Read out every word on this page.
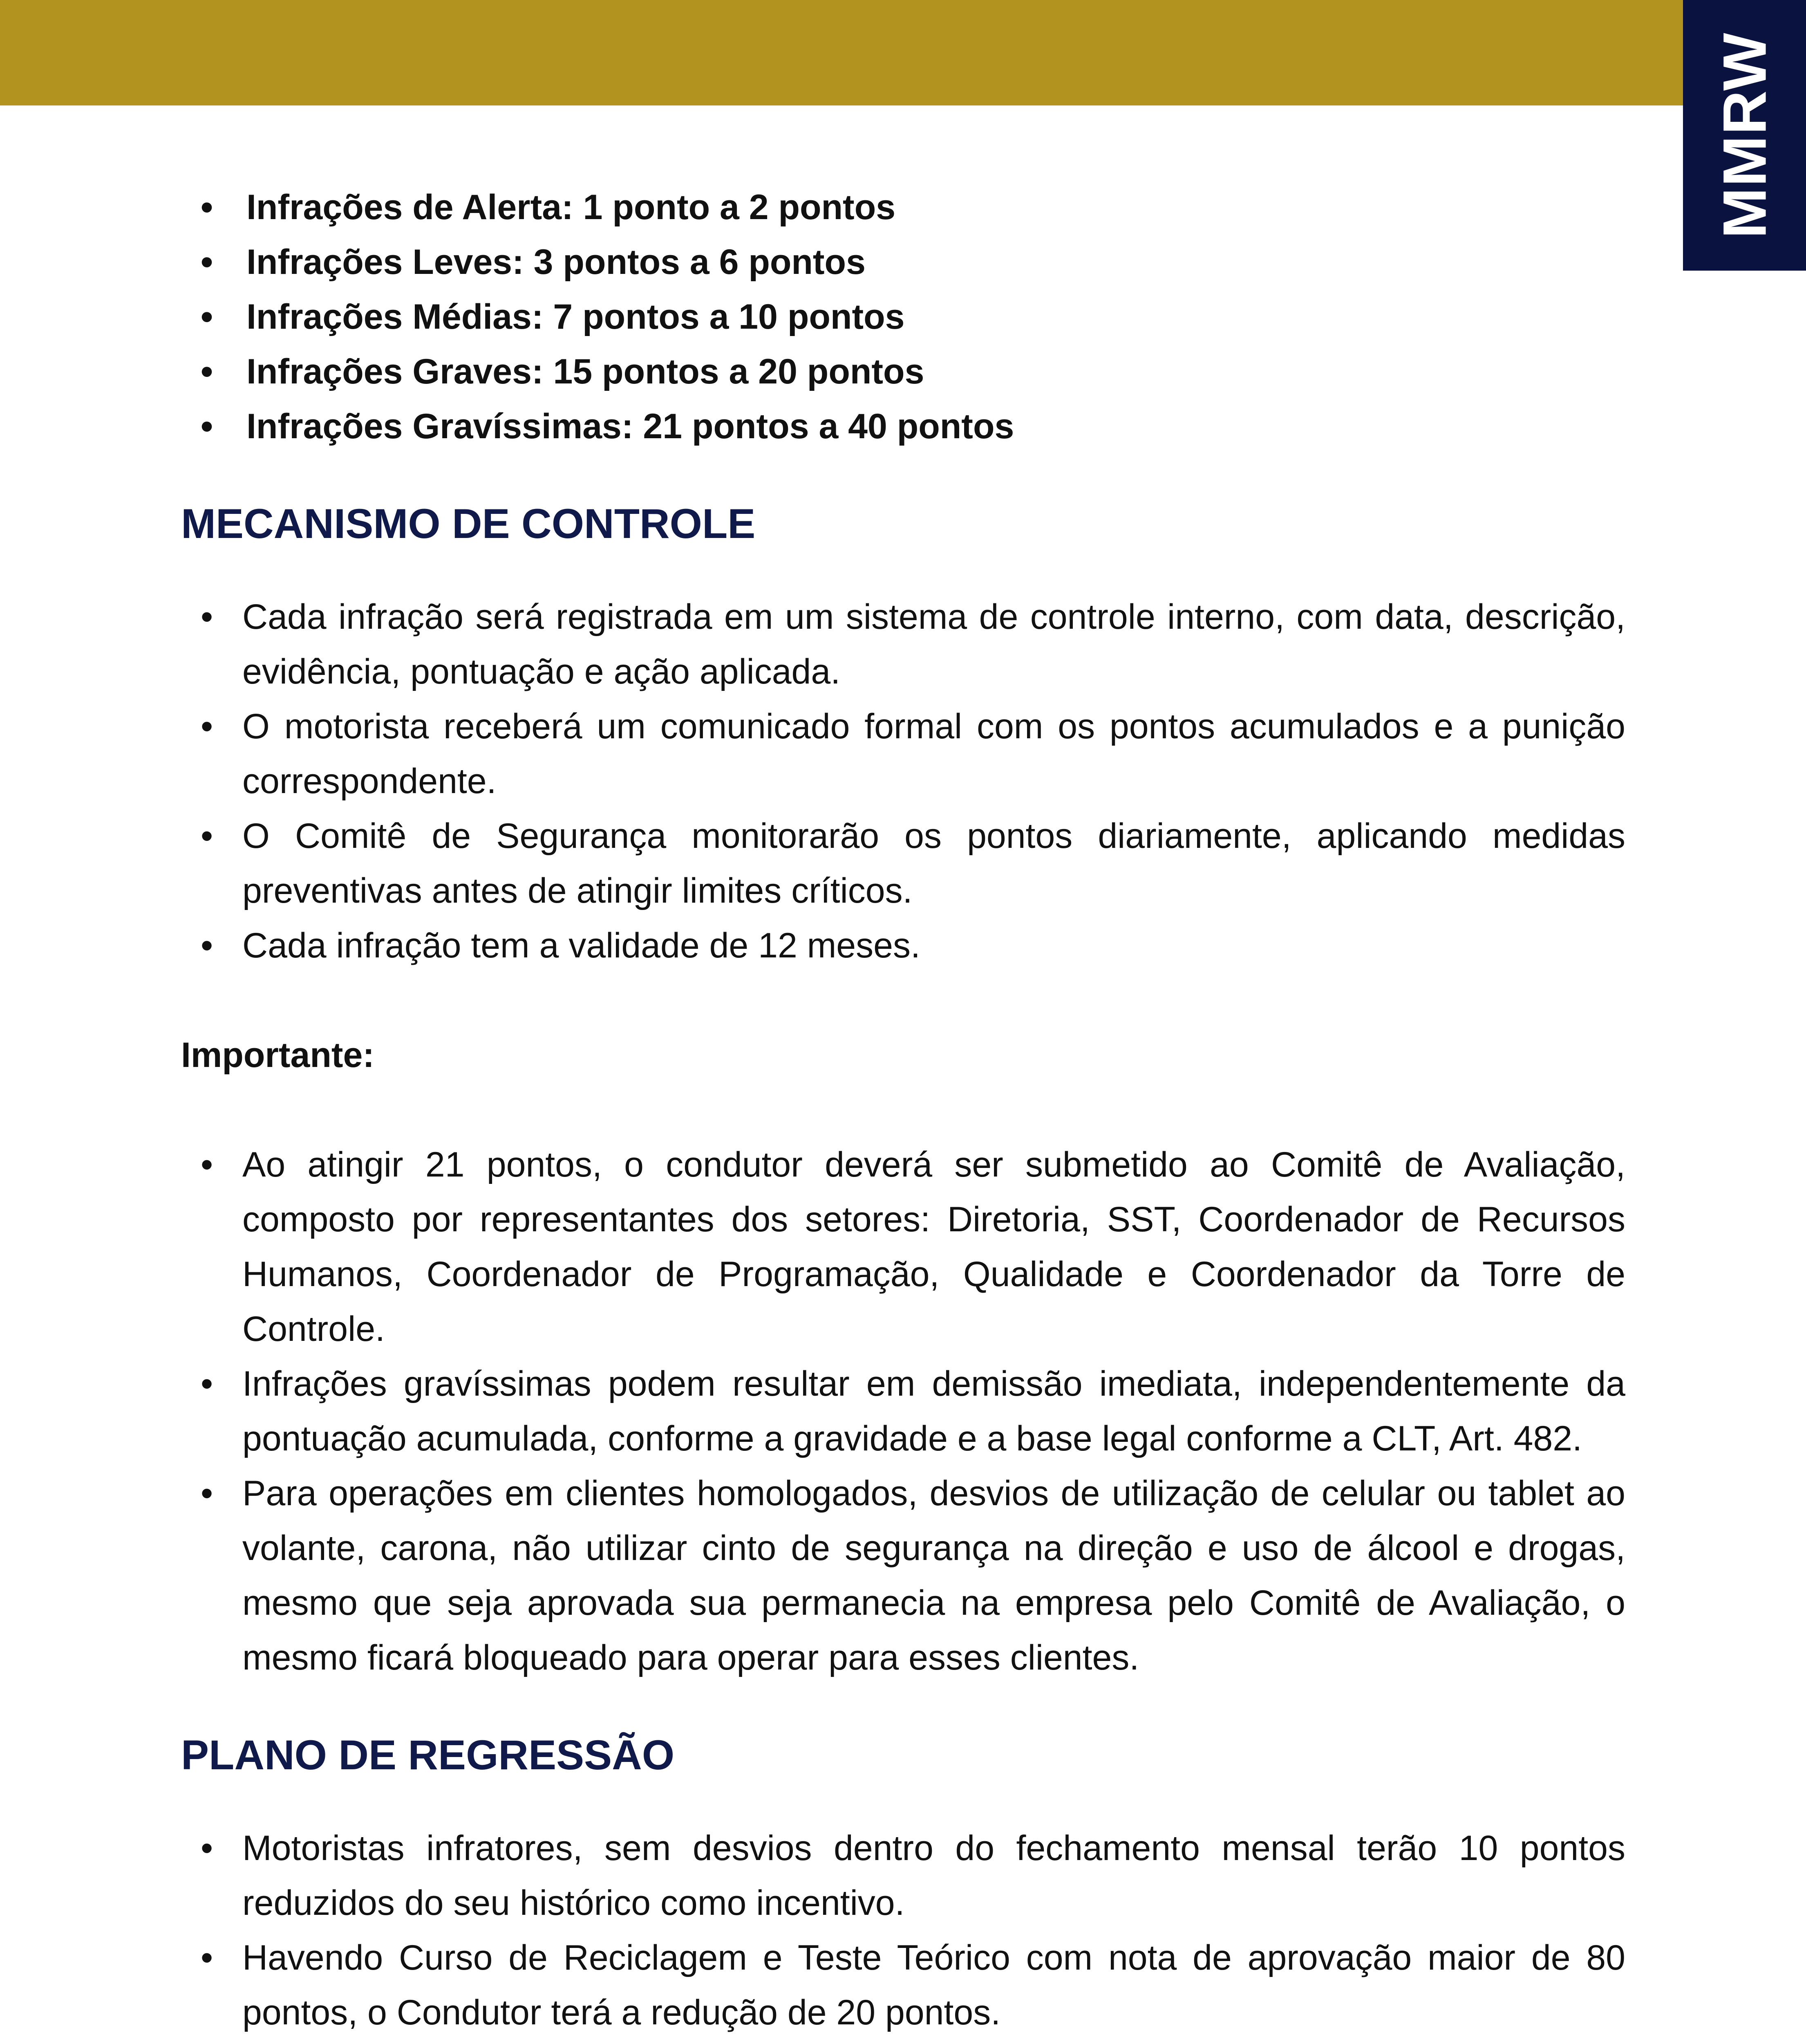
MMRW
• Infrações de Alerta: 1 ponto a 2 pontos
• Infrações Leves: 3 pontos a 6 pontos
• Infrações Médias: 7 pontos a 10 pontos
• Infrações Graves: 15 pontos a 20 pontos
• Infrações Gravíssimas: 21 pontos a 40 pontos
MECANISMO DE CONTROLE
• Cada infração será registrada em um sistema de controle interno, com data, descrição, evidência, pontuação e ação aplicada.
• O motorista receberá um comunicado formal com os pontos acumulados e a punição correspondente.
• O Comitê de Segurança monitorarão os pontos diariamente, aplicando medidas preventivas antes de atingir limites críticos.
• Cada infração tem a validade de 12 meses.

Importante:

• Ao atingir 21 pontos, o condutor deverá ser submetido ao Comitê de Avaliação, composto por representantes dos setores: Diretoria, SST, Coordenador de Recursos Humanos, Coordenador de Programação, Qualidade e Coordenador da Torre de Controle.
• Infrações gravíssimas podem resultar em demissão imediata, independentemente da pontuação acumulada, conforme a gravidade e a base legal conforme a CLT, Art. 482.
• Para operações em clientes homologados, desvios de utilização de celular ou tablet ao volante, carona, não utilizar cinto de segurança na direção e uso de álcool e drogas, mesmo que seja aprovada sua permanecia na empresa pelo Comitê de Avaliação, o mesmo ficará bloqueado para operar para esses clientes.
PLANO DE REGRESSÃO
• Motoristas infratores, sem desvios dentro do fechamento mensal terão 10 pontos reduzidos do seu histórico como incentivo.
• Havendo Curso de Reciclagem e Teste Teórico com nota de aprovação maior de 80 pontos, o Condutor terá a redução de 20 pontos.
